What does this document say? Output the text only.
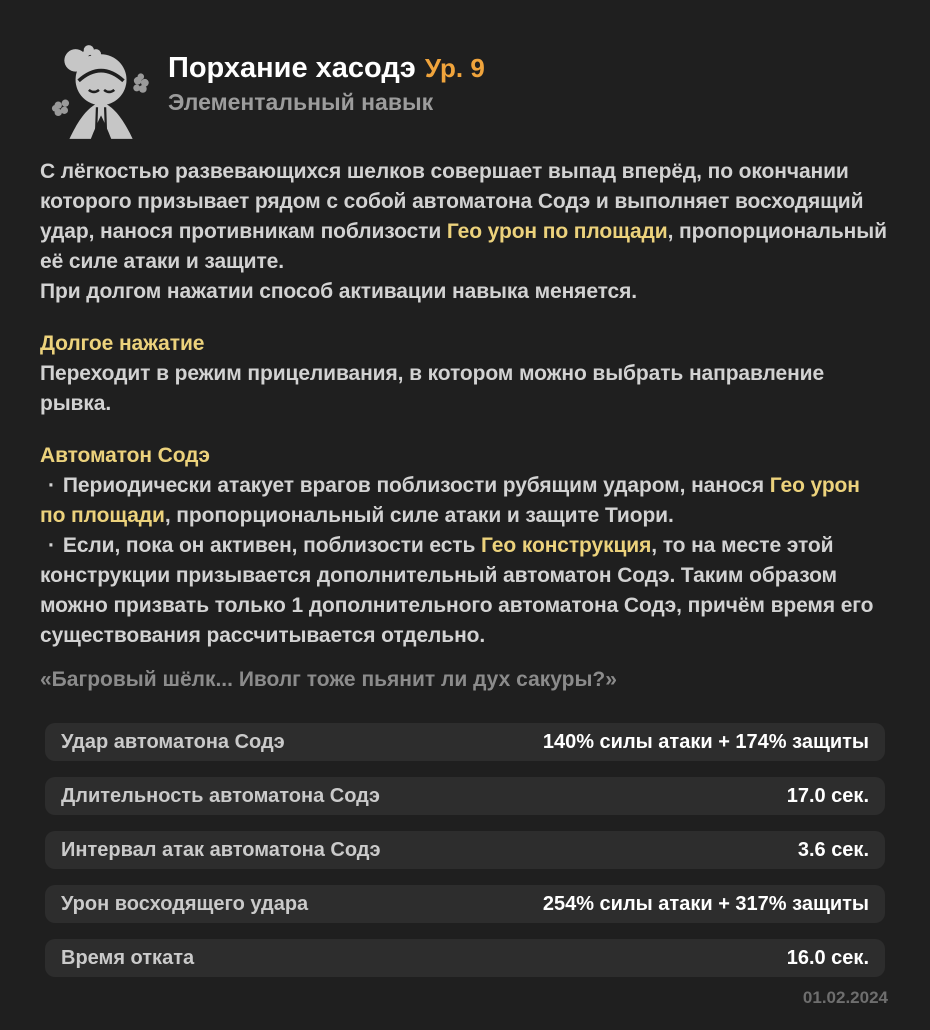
Порхание хасодэ Ур. 9
Элементальный навык
С лёгкостью развевающихся шелков совершает выпад вперёд, по окончании которого призывает рядом с собой автоматона Содэ и выполняет восходящий удар, нанося противникам поблизости Гео урон по площади, пропорциональный её силе атаки и защите.
При долгом нажатии способ активации навыка меняется.
Долгое нажатие
Переходит в режим прицеливания, в котором можно выбрать направление рывка.
Автоматон Содэ
· Периодически атакует врагов поблизости рубящим ударом, нанося Гео урон по площади, пропорциональный силе атаки и защите Тиори.
· Если, пока он активен, поблизости есть Гео конструкция, то на месте этой конструкции призывается дополнительный автоматон Содэ. Таким образом можно призвать только 1 дополнительного автоматона Содэ, причём время его существования рассчитывается отдельно.
«Багровый шёлк... Иволг тоже пьянит ли дух сакуры?»
Удар автоматона Содэ	140% силы атаки + 174% защиты
Длительность автоматона Содэ	17.0 сек.
Интервал атак автоматона Содэ	3.6 сек.
Урон восходящего удара	254% силы атаки + 317% защиты
Время отката	16.0 сек.
01.02.2024
